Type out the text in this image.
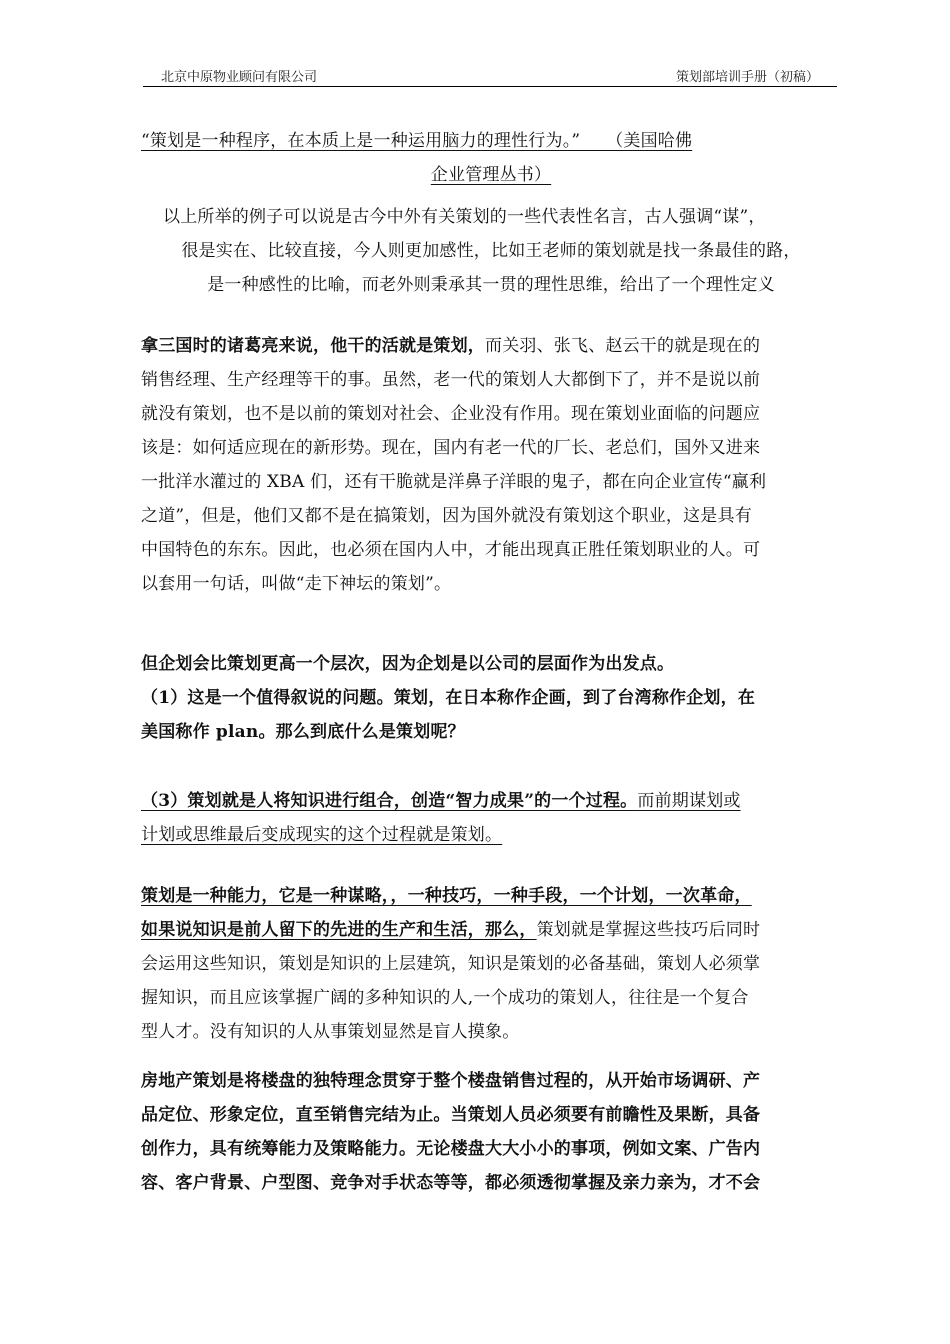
北京中原物业顾问有限公司	策划部培训手册（初稿）
“策划是一种程序，在本质上是一种运用脑力的理性行为。”　　（美国哈佛
企业管理丛书）
以上所举的例子可以说是古今中外有关策划的一些代表性名言，古人强调“谋”，
很是实在、比较直接，今人则更加感性，比如王老师的策划就是找一条最佳的路，
是一种感性的比喻，而老外则秉承其一贯的理性思维，给出了一个理性定义
拿三国时的诸葛亮来说，他干的活就是策划，而关羽、张飞、赵云干的就是现在的
销售经理、生产经理等干的事。虽然，老一代的策划人大都倒下了，并不是说以前
就没有策划，也不是以前的策划对社会、企业没有作用。现在策划业面临的问题应
该是：如何适应现在的新形势。现在，国内有老一代的厂长、老总们，国外又进来
一批洋水灌过的 XBA 们，还有干脆就是洋鼻子洋眼的鬼子，都在向企业宣传“赢利
之道”，但是，他们又都不是在搞策划，因为国外就没有策划这个职业，这是具有
中国特色的东东。因此，也必须在国内人中，才能出现真正胜任策划职业的人。可
以套用一句话，叫做“走下神坛的策划”。
但企划会比策划更高一个层次，因为企划是以公司的层面作为出发点。
（1）这是一个值得叙说的问题。策划，在日本称作企画，到了台湾称作企划，在
美国称作 plan。那么到底什么是策划呢？
（3）策划就是人将知识进行组合，创造“智力成果”的一个过程。而前期谋划或
计划或思维最后变成现实的这个过程就是策划。
策划是一种能力，它是一种谋略，，一种技巧，一种手段，一个计划，一次革命，
如果说知识是前人留下的先进的生产和生活，那么，策划就是掌握这些技巧后同时
会运用这些知识，策划是知识的上层建筑，知识是策划的必备基础，策划人必须掌
握知识，而且应该掌握广阔的多种知识的人,一个成功的策划人，往往是一个复合
型人才。没有知识的人从事策划显然是盲人摸象。
房地产策划是将楼盘的独特理念贯穿于整个楼盘销售过程的，从开始市场调研、产
品定位、形象定位，直至销售完结为止。当策划人员必须要有前瞻性及果断，具备
创作力，具有统筹能力及策略能力。无论楼盘大大小小的事项，例如文案、广告内
容、客户背景、户型图、竞争对手状态等等，都必须透彻掌握及亲力亲为，才不会
